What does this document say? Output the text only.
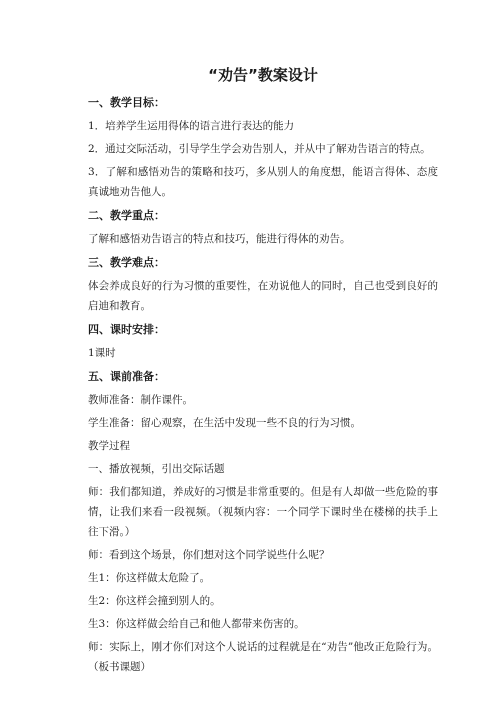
“劝告”教案设计
一、教学目标：

1．培养学生运用得体的语言进行表达的能力

2．通过交际活动，引导学生学会劝告别人，并从中了解劝告语言的特点。

3．了解和感悟劝告的策略和技巧，多从别人的角度想，能语言得体、态度真诚地劝告他人。

二、教学重点：

了解和感悟劝告语言的特点和技巧，能进行得体的劝告。

三、教学难点：

体会养成良好的行为习惯的重要性，在劝说他人的同时，自己也受到良好的启迪和教育。

四、课时安排：

1课时

五、课前准备：

教师准备：制作课件。

学生准备：留心观察，在生活中发现一些不良的行为习惯。

教学过程

一、播放视频，引出交际话题

师：我们都知道，养成好的习惯是非常重要的。但是有人却做一些危险的事情，让我们来看一段视频。（视频内容：一个同学下课时坐在楼梯的扶手上往下滑。）

师：看到这个场景，你们想对这个同学说些什么呢？

生1：你这样做太危险了。

生2：你这样会撞到别人的。

生3：你这样做会给自己和他人都带来伤害的。

师：实际上，刚才你们对这个人说话的过程就是在“劝告”他改正危险行为。（板书课题）
